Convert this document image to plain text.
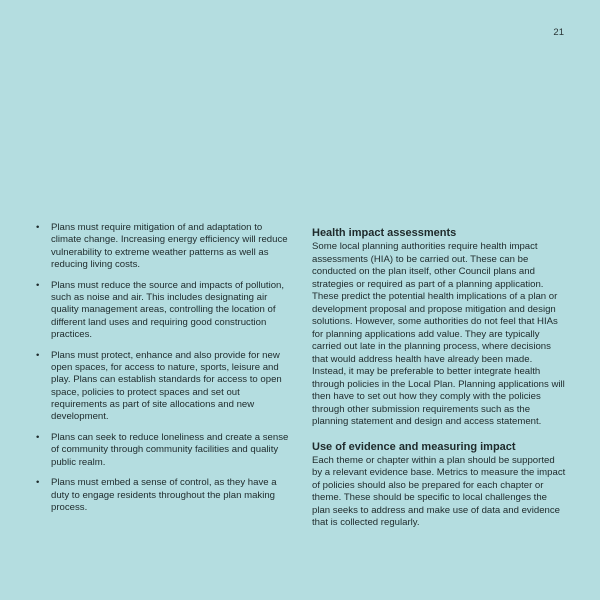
21
• Plans must require mitigation of and adaptation to climate change. Increasing energy efficiency will reduce vulnerability to extreme weather patterns as well as reducing living costs.
• Plans must reduce the source and impacts of pollution, such as noise and air. This includes designating air quality management areas, controlling the location of different land uses and requiring good construction practices.
• Plans must protect, enhance and also provide for new open spaces, for access to nature, sports, leisure and play. Plans can establish standards for access to open space, policies to protect spaces and set out requirements as part of site allocations and new development.
• Plans can seek to reduce loneliness and create a sense of community through community facilities and quality public realm.
• Plans must embed a sense of control, as they have a duty to engage residents throughout the plan making process.
Health impact assessments

Some local planning authorities require health impact assessments (HIA) to be carried out. These can be conducted on the plan itself, other Council plans and strategies or required as part of a planning application. These predict the potential health implications of a plan or development proposal and propose mitigation and design solutions. However, some authorities do not feel that HIAs for planning applications add value. They are typically carried out late in the planning process, where decisions that would address health have already been made. Instead, it may be preferable to better integrate health through policies in the Local Plan. Planning applications will then have to set out how they comply with the policies through other submission requirements such as the planning statement and design and access statement.

Use of evidence and measuring impact

Each theme or chapter within a plan should be supported by a relevant evidence base. Metrics to measure the impact of policies should also be prepared for each chapter or theme. These should be specific to local challenges the plan seeks to address and make use of data and evidence that is collected regularly.
